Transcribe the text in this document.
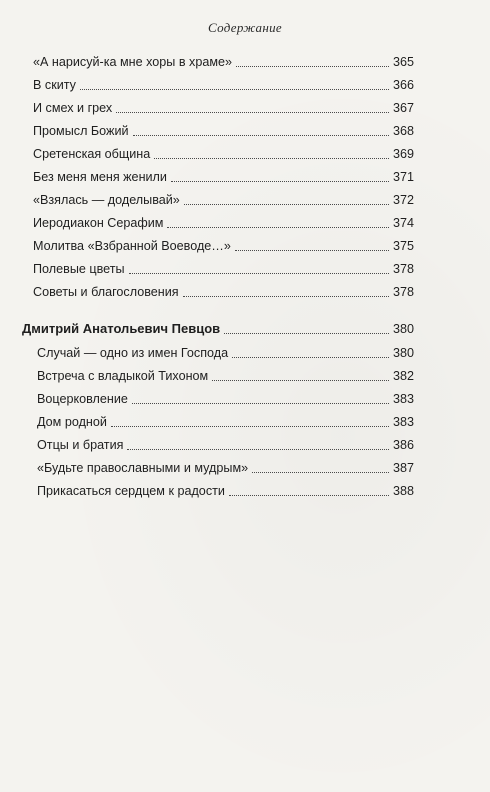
Содержание
«А нарисуй-ка мне хоры в храме»	365
В скиту	366
И смех и грех	367
Промысл Божий	368
Сретенская община	369
Без меня меня женили	371
«Взялась — доделывай»	372
Иеродиакон Серафим	374
Молитва «Взбранной Воеводе…»	375
Полевые цветы	378
Советы и благословения	378
Дмитрий Анатольевич Певцов	380
Случай — одно из имен Господа	380
Встреча с владыкой Тихоном	382
Воцерковление	383
Дом родной	383
Отцы и братия	386
«Будьте православными и мудрым»	387
Прикасаться сердцем к радости	388
